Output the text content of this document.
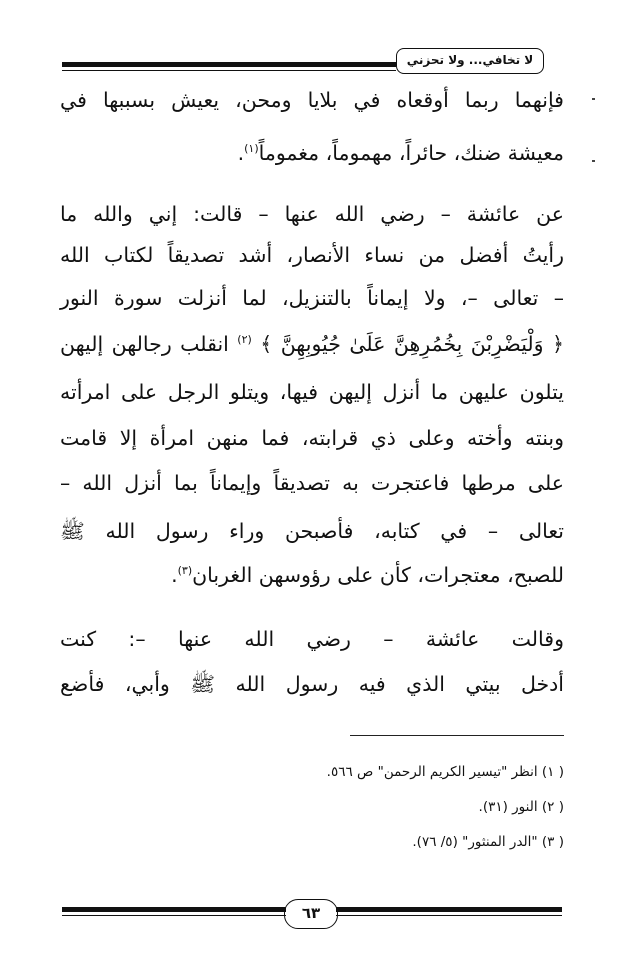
لا تخافي... ولا تحزني
فإنهما ربما أوقعاه في بلايا ومحن، يعيش بسببها في
معيشة ضنك، حائراً، مهموماً، مغموماً$^{(١)}$.
عن عائشة – رضي الله عنها – قالت: إني والله ما
رأيتُ أفضل من نساء الأنصار، أشد تصديقاً لكتاب الله
– تعالى –، ولا إيماناً بالتنزيل، لما أنزلت سورة النور
﴿ وَلْيَضْرِبْنَ بِخُمُرِهِنَّ عَلَىٰ جُيُوبِهِنَّ ﴾ $^{(٢)}$ انقلب رجالهن إليهن
يتلون عليهن ما أنزل إليهن فيها، ويتلو الرجل على امرأته
وبنته وأخته وعلى ذي قرابته، فما منهن امرأة إلا قامت
على مرطها فاعتجرت به تصديقاً وإيماناً بما أنزل الله –
تعالى – في كتابه، فأصبحن وراء رسول الله ﷺ
للصبح، معتجرات، كأن على رؤوسهن الغربان$^{(٣)}$.
وقالت عائشة – رضي الله عنها –: كنت
أدخل بيتي الذي فيه رسول الله ﷺ وأبي، فأضع
( ١) انظر "تيسير الكريم الرحمن" ص ٥٦٦.
( ٢) النور (٣١).
( ٣) "الدر المنثور" (٥/ ٧٦).
٦٣
